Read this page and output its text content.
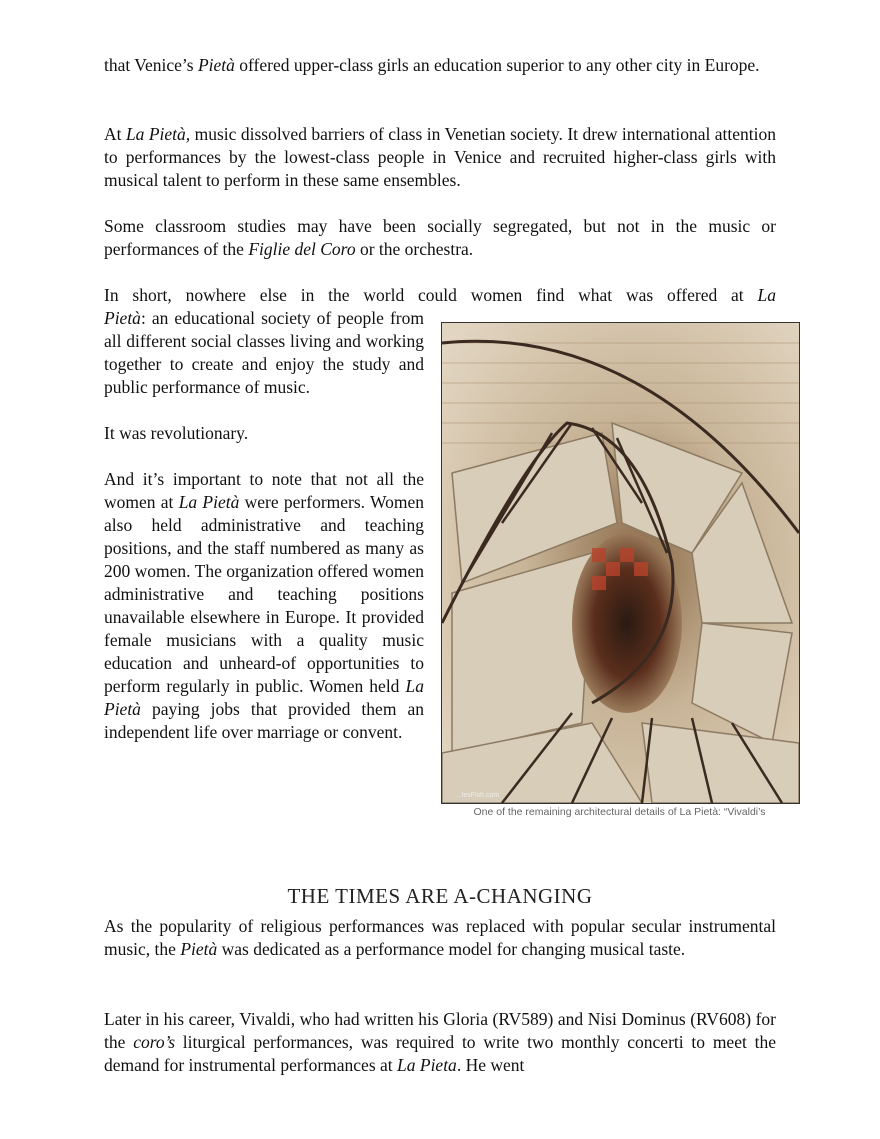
that Venice’s Pietà offered upper-class girls an education superior to any other city in Europe.

At La Pietà, music dissolved barriers of class in Venetian society. It drew international attention to performances by the lowest-class people in Venice and recruited higher-class girls with musical talent to perform in these same ensembles.

Some classroom studies may have been socially segregated, but not in the music or performances of the Figlie del Coro or the orchestra.

In short, nowhere else in the world could women find what was offered at La

Pietà: an educational society of people from all different social classes living and working together to create and enjoy the study and public performance of music.

It was revolutionary.

And it’s important to note that not all the women at La Pietà were performers. Women also held administrative and teaching positions, and the staff numbered as many as 200 women. The organization offered women administrative and teaching positions unavailable elsewhere in Europe. It provided female musicians with a quality music education and unheard-of opportunities to perform regularly in public. Women held La Pietà paying jobs that provided them an independent life over marriage or convent.

...lesFish.com
One of the remaining architectural details of La Pietà: “Vivaldi’s
THE TIMES ARE A-CHANGING

As the popularity of religious performances was replaced with popular secular instrumental music, the Pietà was dedicated as a performance model for changing musical taste.

Later in his career, Vivaldi, who had written his Gloria (RV589) and Nisi Dominus (RV608) for the coro’s liturgical performances, was required to write two monthly concerti to meet the demand for instrumental performances at La Pieta. He went
